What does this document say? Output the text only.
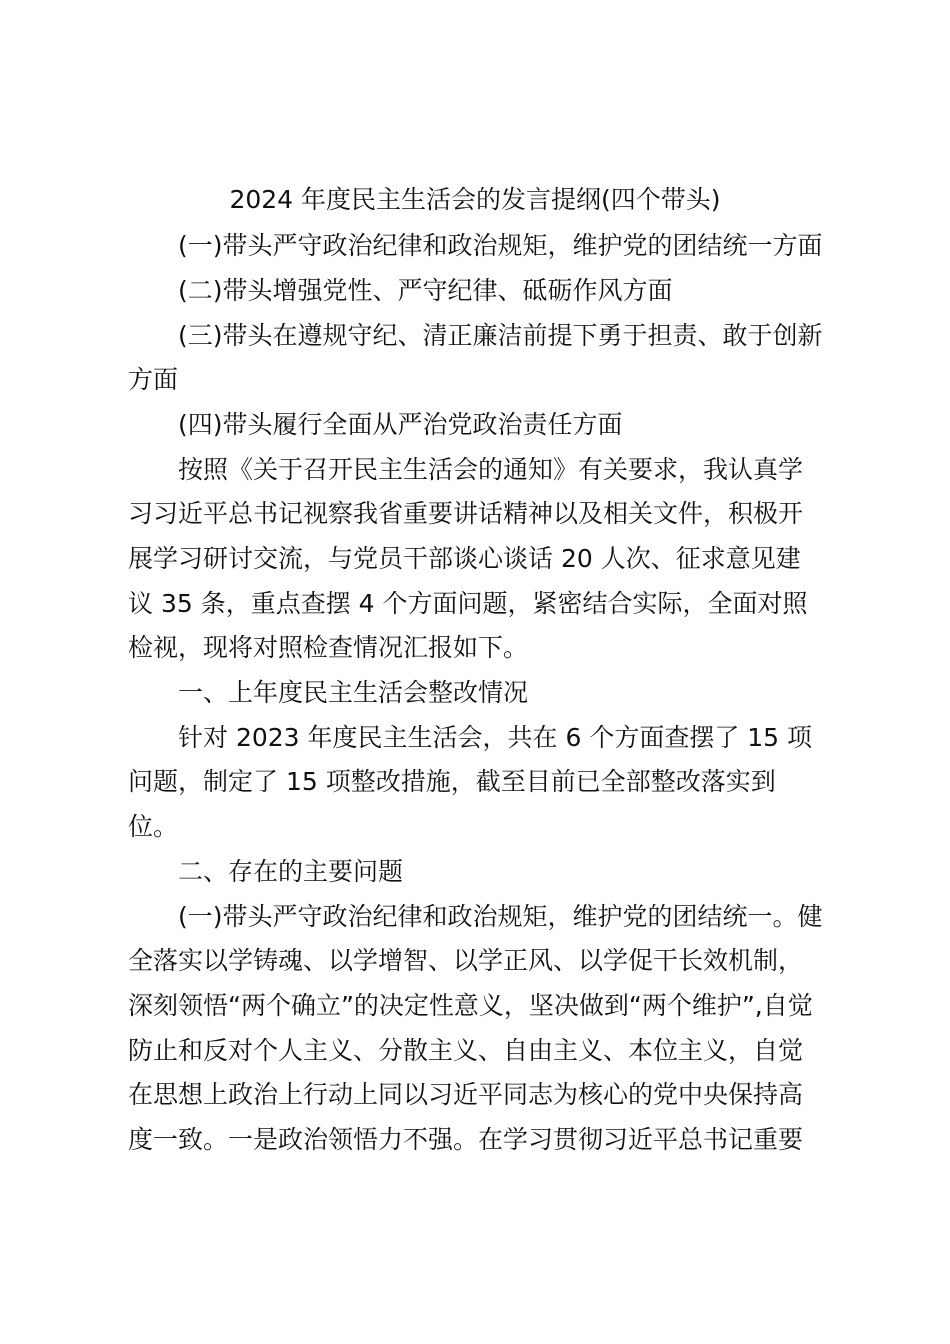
2024 年度民主生活会的发言提纲(四个带头)
(一)带头严守政治纪律和政治规矩，维护党的团结统一方面
(二)带头增强党性、严守纪律、砥砺作风方面
(三)带头在遵规守纪、清正廉洁前提下勇于担责、敢于创新
方面
(四)带头履行全面从严治党政治责任方面
按照《关于召开民主生活会的通知》有关要求，我认真学
习习近平总书记视察我省重要讲话精神以及相关文件，积极开
展学习研讨交流，与党员干部谈心谈话 20 人次、征求意见建
议 35 条，重点查摆 4 个方面问题，紧密结合实际，全面对照
检视，现将对照检查情况汇报如下。
一、上年度民主生活会整改情况
针对 2023 年度民主生活会，共在 6 个方面查摆了 15 项
问题，制定了 15 项整改措施，截至目前已全部整改落实到
位。
二、存在的主要问题
(一)带头严守政治纪律和政治规矩，维护党的团结统一。健
全落实以学铸魂、以学增智、以学正风、以学促干长效机制，
深刻领悟“两个确立”的决定性意义，坚决做到“两个维护”,自觉
防止和反对个人主义、分散主义、自由主义、本位主义，自觉
在思想上政治上行动上同以习近平同志为核心的党中央保持高
度一致。一是政治领悟力不强。在学习贯彻习近平总书记重要
